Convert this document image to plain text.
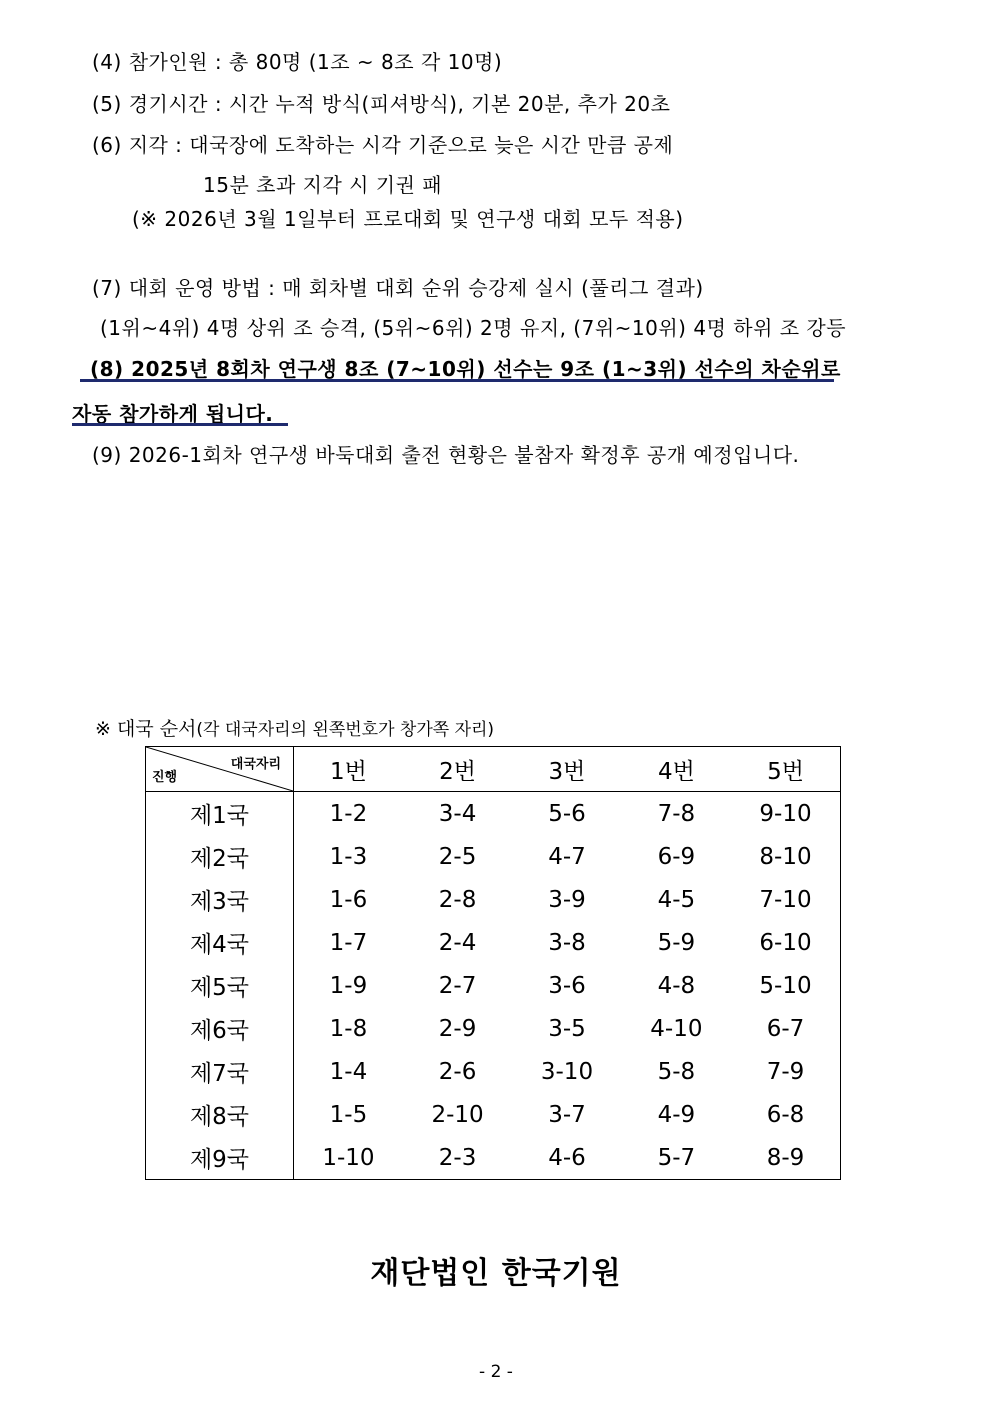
(4) 참가인원 : 총 80명 (1조 ~ 8조 각 10명)
(5) 경기시간 : 시간 누적 방식(피셔방식), 기본 20분, 추가 20초
(6) 지각 : 대국장에 도착하는 시각 기준으로 늦은 시간 만큼 공제
15분 초과 지각 시 기권 패
(※ 2026년 3월 1일부터 프로대회 및 연구생 대회 모두 적용)
(7) 대회 운영 방법 : 매 회차별 대회 순위 승강제 실시 (풀리그 결과)
(1위~4위) 4명 상위 조 승격, (5위~6위) 2명 유지, (7위~10위) 4명 하위 조 강등
(8) 2025년 8회차 연구생 8조 (7~10위) 선수는 9조 (1~3위) 선수의 차순위로
자동 참가하게 됩니다.
(9) 2026-1회차 연구생 바둑대회 출전 현황은 불참자 확정후 공개 예정입니다.
※ 대국 순서(각 대국자리의 왼쪽번호가 창가쪽 자리)
대국자리
진행	1번	2번	3번	4번	5번
제1국	1-2	3-4	5-6	7-8	9-10
제2국	1-3	2-5	4-7	6-9	8-10
제3국	1-6	2-8	3-9	4-5	7-10
제4국	1-7	2-4	3-8	5-9	6-10
제5국	1-9	2-7	3-6	4-8	5-10
제6국	1-8	2-9	3-5	4-10	6-7
제7국	1-4	2-6	3-10	5-8	7-9
제8국	1-5	2-10	3-7	4-9	6-8
제9국	1-10	2-3	4-6	5-7	8-9
재단법인 한국기원
- 2 -
